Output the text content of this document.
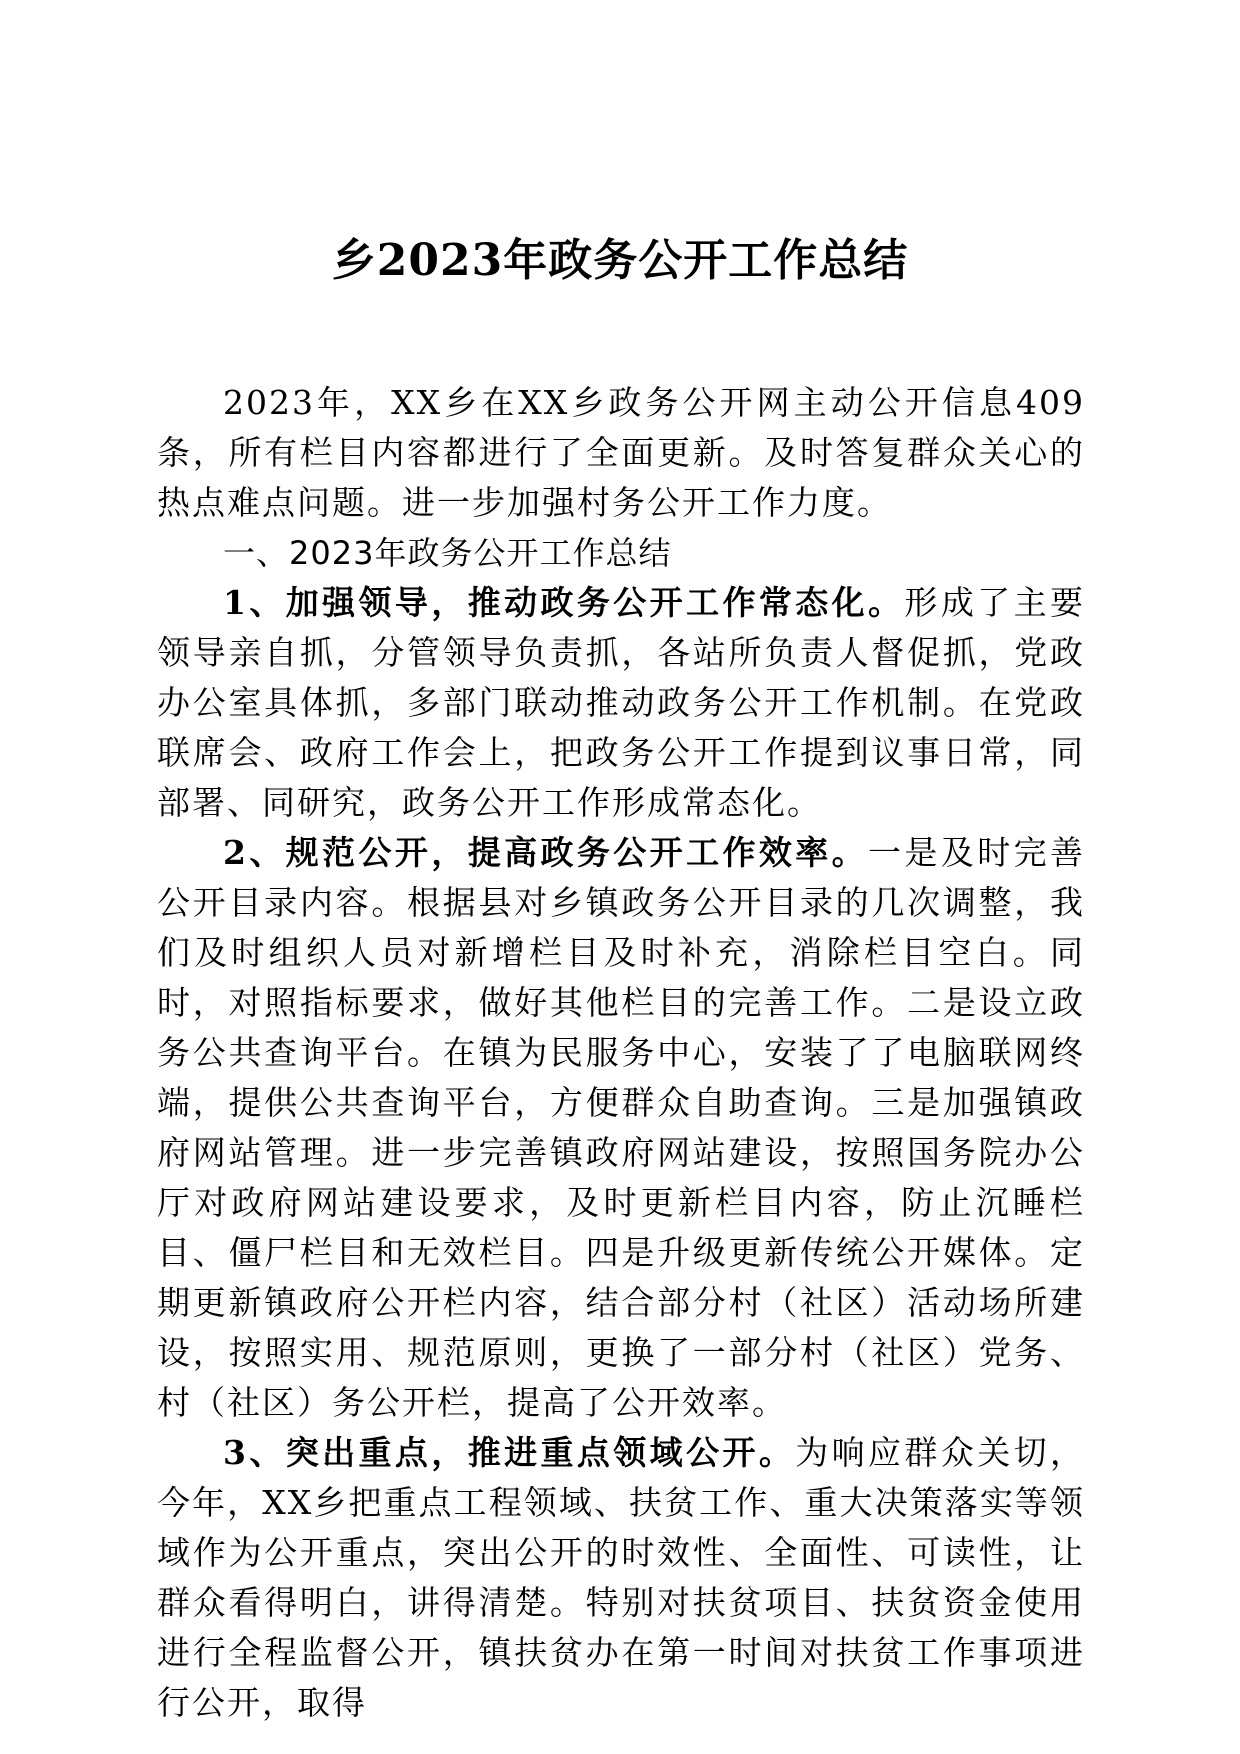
乡2023年政务公开工作总结

2023年，XX乡在XX乡政务公开网主动公开信息409条，所有栏目内容都进行了全面更新。及时答复群众关心的热点难点问题。进一步加强村务公开工作力度。

一、2023年政务公开工作总结

1、加强领导，推动政务公开工作常态化。形成了主要领导亲自抓，分管领导负责抓，各站所负责人督促抓，党政办公室具体抓，多部门联动推动政务公开工作机制。在党政联席会、政府工作会上，把政务公开工作提到议事日常，同部署、同研究，政务公开工作形成常态化。

2、规范公开，提高政务公开工作效率。一是及时完善公开目录内容。根据县对乡镇政务公开目录的几次调整，我们及时组织人员对新增栏目及时补充，消除栏目空白。同时，对照指标要求，做好其他栏目的完善工作。二是设立政务公共查询平台。在镇为民服务中心，安装了了电脑联网终端，提供公共查询平台，方便群众自助查询。三是加强镇政府网站管理。进一步完善镇政府网站建设，按照国务院办公厅对政府网站建设要求，及时更新栏目内容，防止沉睡栏目、僵尸栏目和无效栏目。四是升级更新传统公开媒体。定期更新镇政府公开栏内容，结合部分村（社区）活动场所建设，按照实用、规范原则，更换了一部分村（社区）党务、村（社区）务公开栏，提高了公开效率。

3、突出重点，推进重点领域公开。为响应群众关切，今年，XX乡把重点工程领域、扶贫工作、重大决策落实等领域作为公开重点，突出公开的时效性、全面性、可读性，让群众看得明白，讲得清楚。特别对扶贫项目、扶贫资金使用进行全程监督公开，镇扶贫办在第一时间对扶贫工作事项进行公开，取得
